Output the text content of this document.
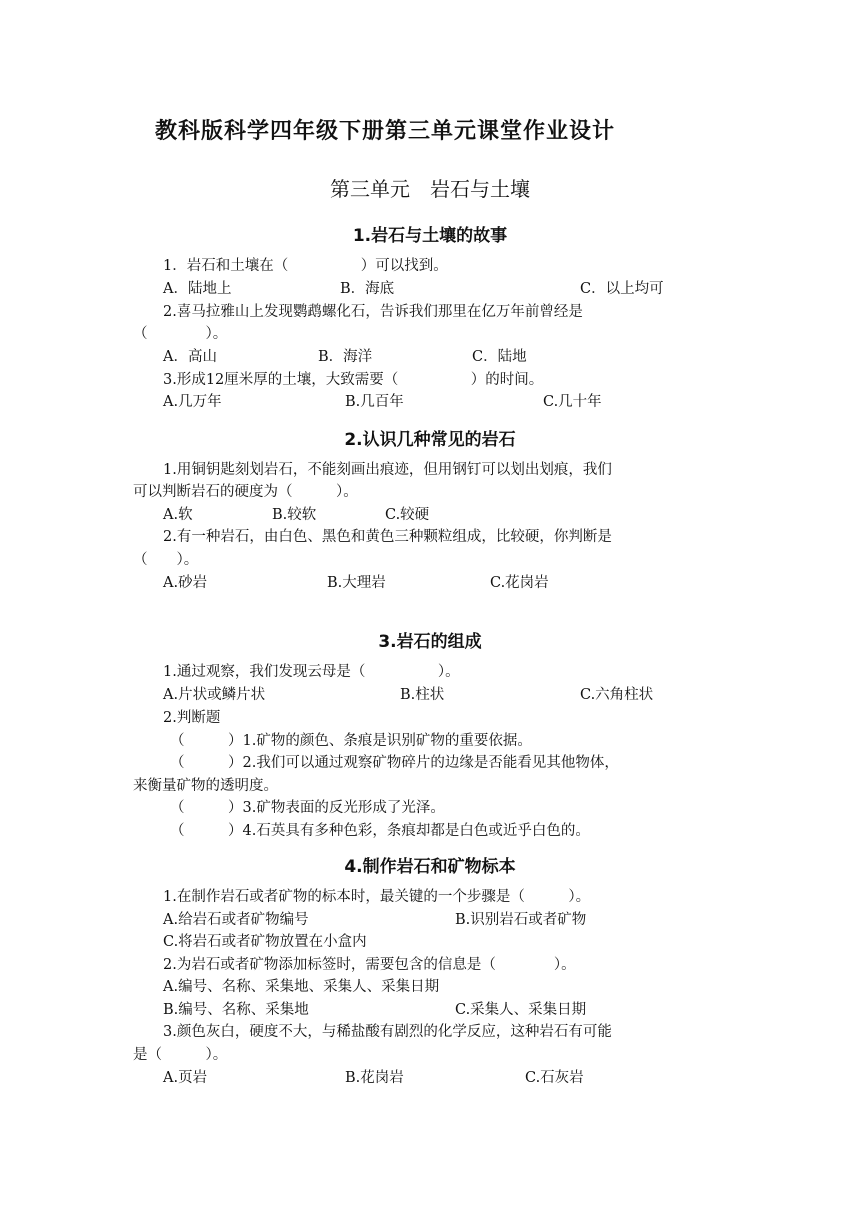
教科版科学四年级下册第三单元课堂作业设计
第三单元　岩石与土壤
1.岩石与土壤的故事
1．岩石和土壤在（　　　　　）可以找到。
A．陆地上	B．海底	C．以上均可
2.喜马拉雅山上发现鹦鹉螺化石，告诉我们那里在亿万年前曾经是
（　　　　）。
A．高山	B．海洋	C．陆地
3.形成12厘米厚的土壤，大致需要（　　　　　）的时间。
A.几万年	B.几百年	C.几十年
2.认识几种常见的岩石
1.用铜钥匙刻划岩石，不能刻画出痕迹，但用钢钉可以划出划痕，我们
可以判断岩石的硬度为（　　　）。
A.软	B.较软	C.较硬
2.有一种岩石，由白色、黑色和黄色三种颗粒组成，比较硬，你判断是
（　　）。
A.砂岩	B.大理岩	C.花岗岩
3.岩石的组成
1.通过观察，我们发现云母是（　　　　　）。
A.片状或鳞片状	B.柱状	C.六角柱状
2.判断题
（　　　）1.矿物的颜色、条痕是识别矿物的重要依据。
（　　　）2.我们可以通过观察矿物碎片的边缘是否能看见其他物体，
来衡量矿物的透明度。
（　　　）3.矿物表面的反光形成了光泽。
（　　　）4.石英具有多种色彩，条痕却都是白色或近乎白色的。
4.制作岩石和矿物标本
1.在制作岩石或者矿物的标本时，最关键的一个步骤是（　　　）。
A.给岩石或者矿物编号	B.识别岩石或者矿物
C.将岩石或者矿物放置在小盒内
2.为岩石或者矿物添加标签时，需要包含的信息是（　　　　）。
A.编号、名称、采集地、采集人、采集日期
B.编号、名称、采集地	C.采集人、采集日期
3.颜色灰白，硬度不大，与稀盐酸有剧烈的化学反应，这种岩石有可能
是（　　　）。
A.页岩	B.花岗岩	C.石灰岩
